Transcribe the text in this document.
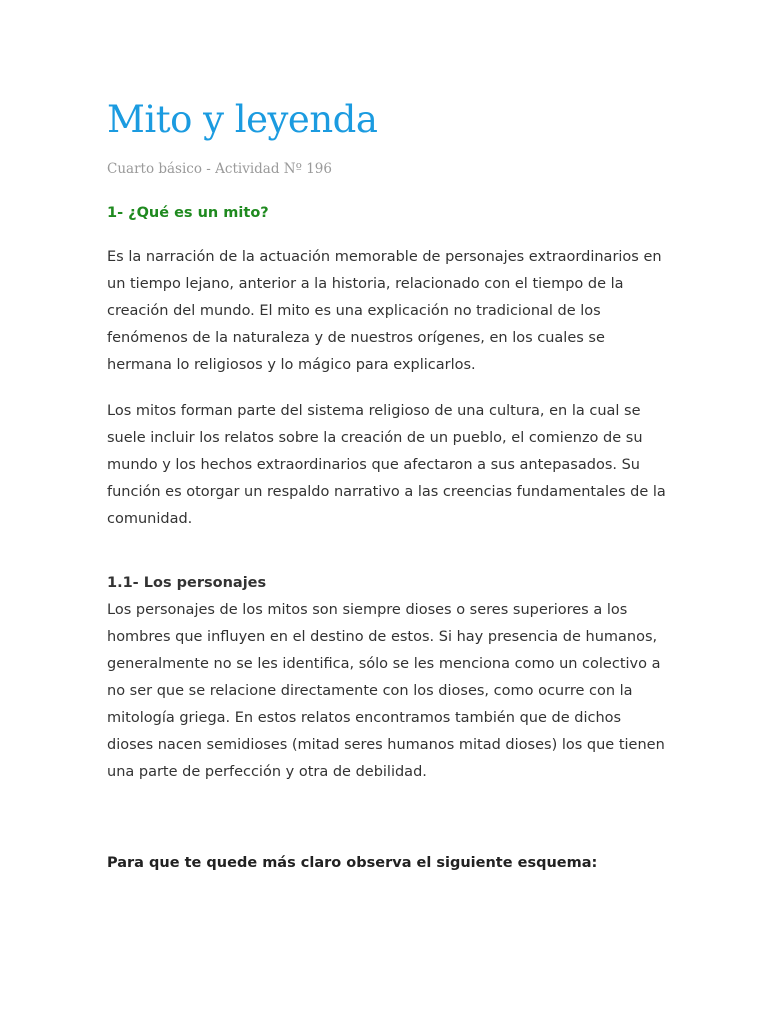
Mito y leyenda
Cuarto básico - Actividad Nº 196
1- ¿Qué es un mito?

Es la narración de la actuación memorable de personajes extraordinarios en un tiempo lejano, anterior a la historia, relacionado con el tiempo de la creación del mundo. El mito es una explicación no tradicional de los fenómenos de la naturaleza y de nuestros orígenes, en los cuales se hermana lo religiosos y lo mágico para explicarlos.

Los mitos forman parte del sistema religioso de una cultura, en la cual se suele incluir los relatos sobre la creación de un pueblo, el comienzo de su mundo y los hechos extraordinarios que afectaron a sus antepasados. Su función es otorgar un respaldo narrativo a las creencias fundamentales de la comunidad.

1.1- Los personajes

Los personajes de los mitos son siempre dioses o seres superiores a los hombres que influyen en el destino de estos. Si hay presencia de humanos, generalmente no se les identifica, sólo se les menciona como un colectivo a no ser que se relacione directamente con los dioses, como ocurre con la mitología griega. En estos relatos encontramos también que de dichos dioses nacen semidioses (mitad seres humanos mitad dioses) los que tienen una parte de perfección y otra de debilidad.

Para que te quede más claro observa el siguiente esquema:
